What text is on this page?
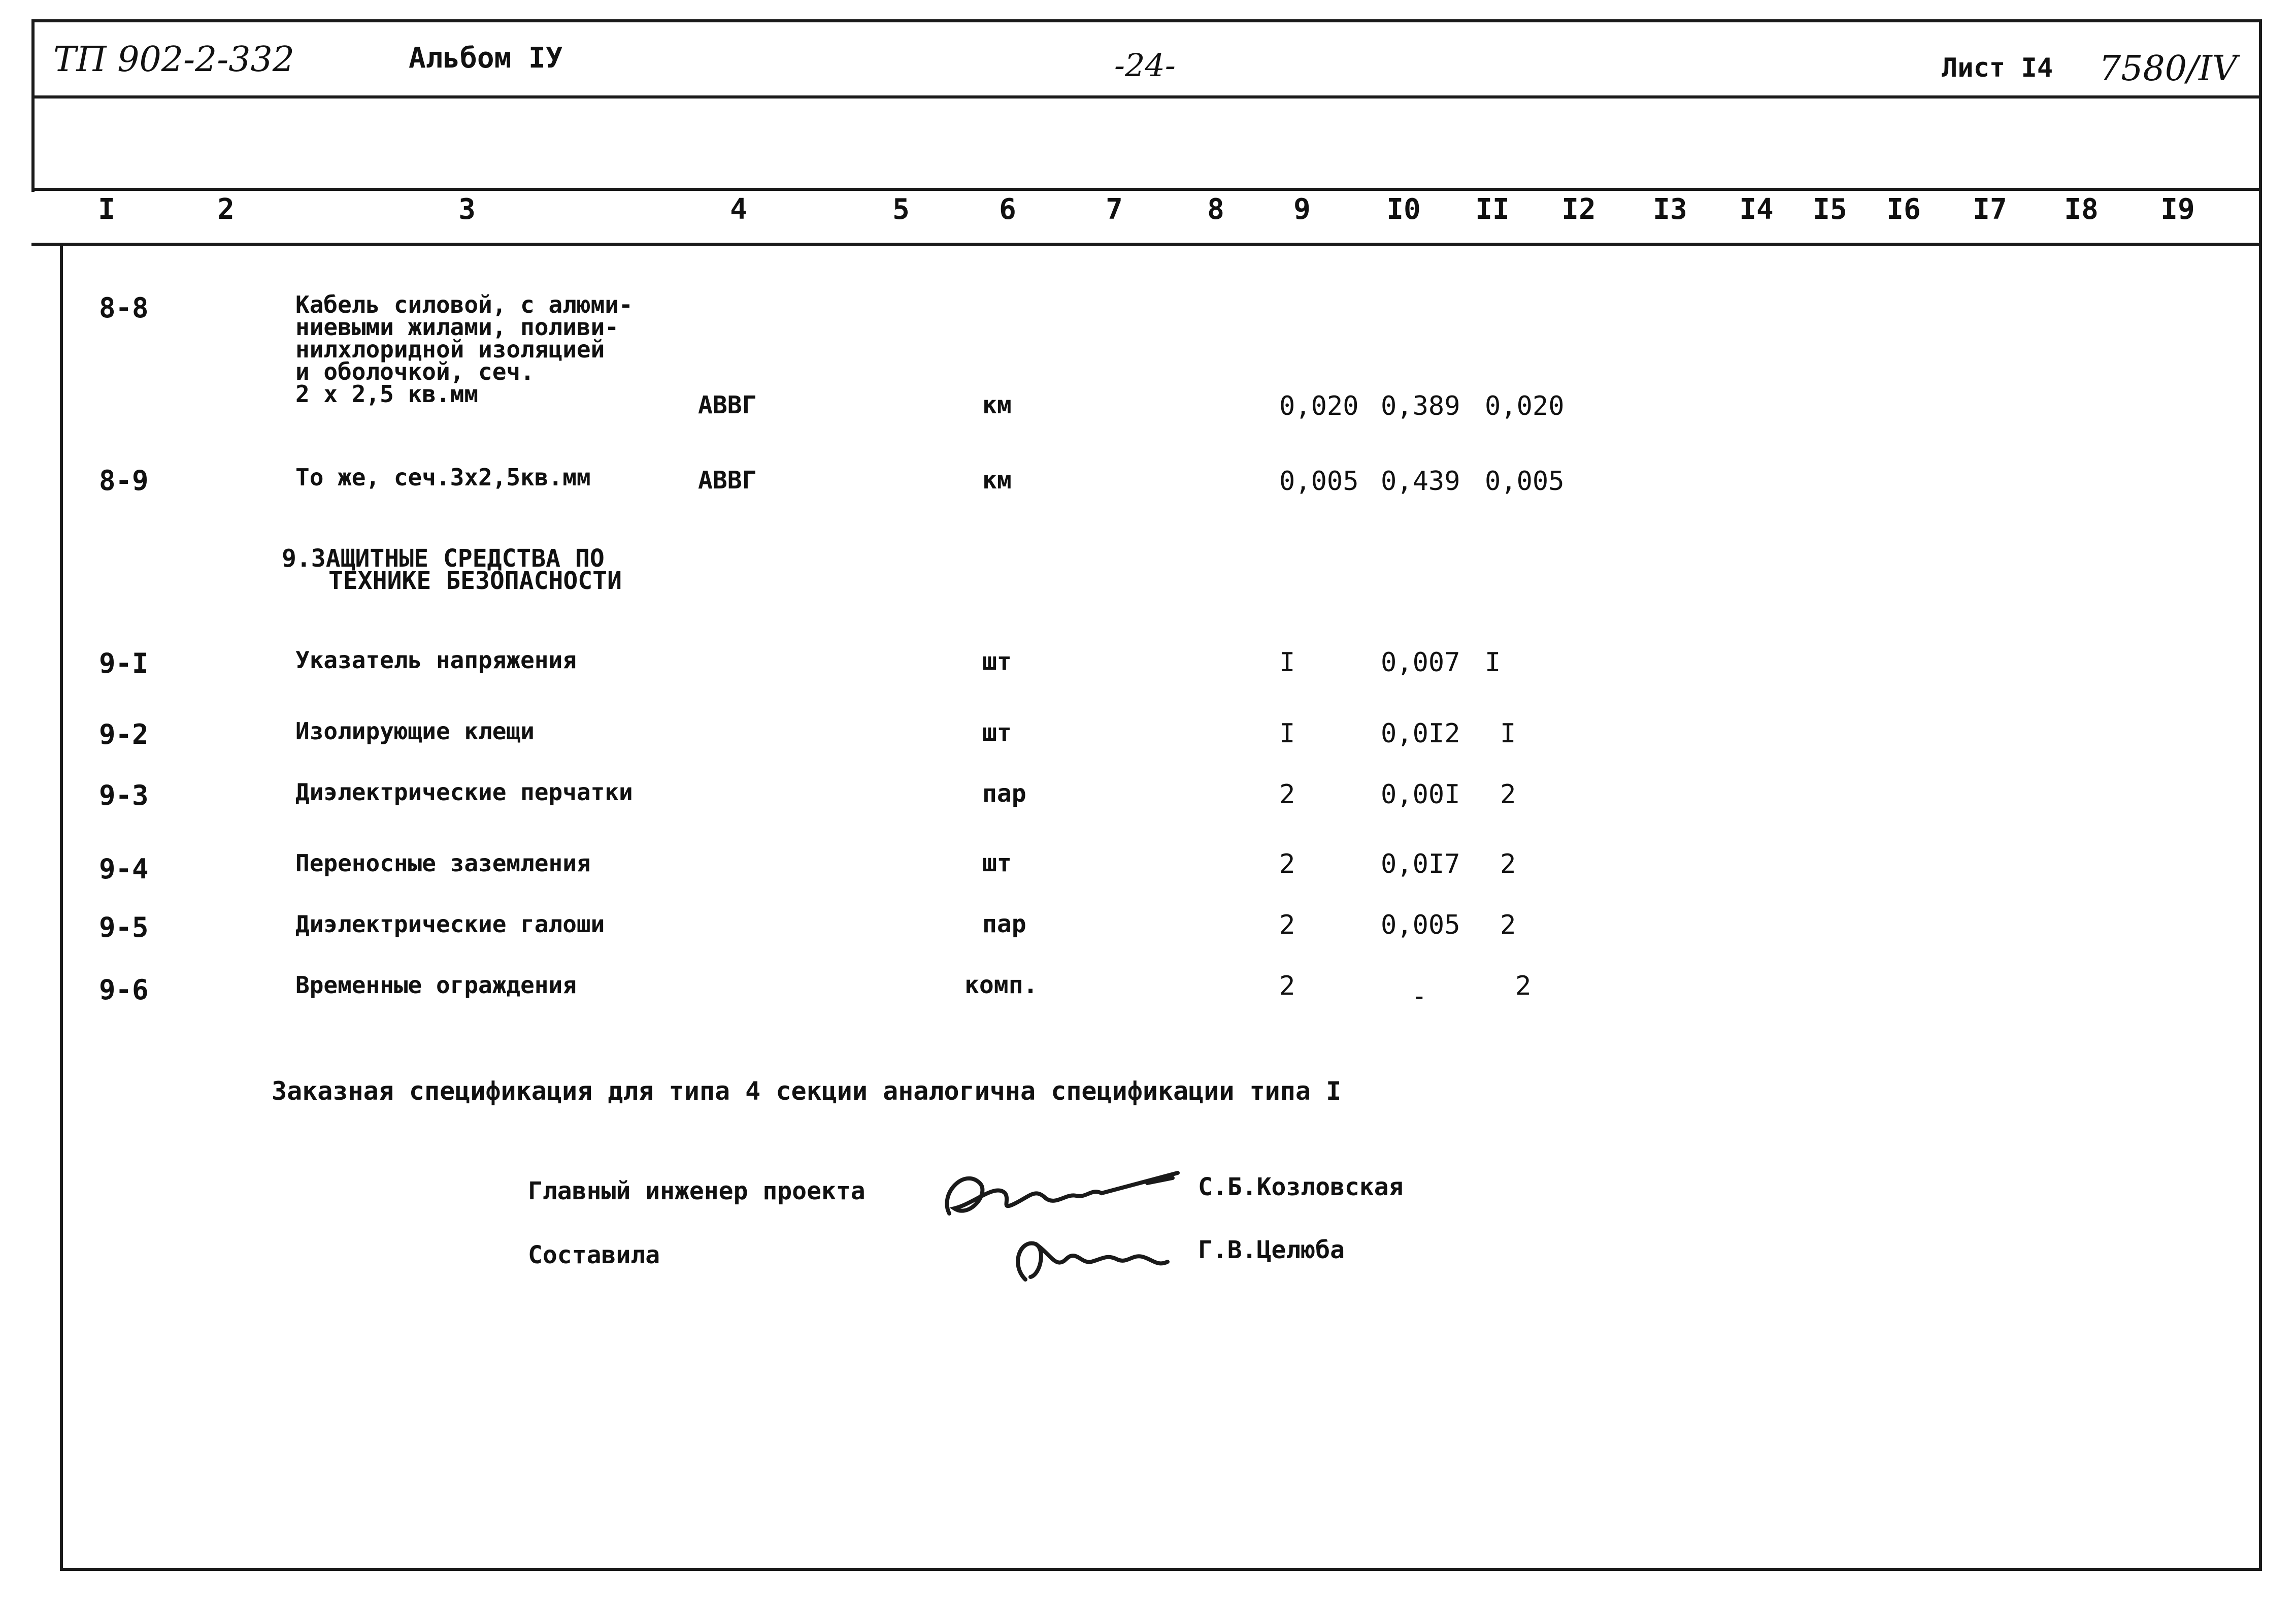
ТП 902-2-332	Альбом IУ	-24-	Лист I4 7580/IV
I	2	3	4	5	6	7	8 9	I0 II I2 I3 I4 I5 I6 I7 I8 I9
8-8	Кабель силовой, с алюми-
ниевыми жилами, поливи-
нилхлоридной изоляцией
и оболочкой, сеч.
2 х 2,5 кв.мм	АВВГ	км	0,020 0,389 0,020
8-9	То же, сеч.3х2,5кв.мм	АВВГ	км	0,005 0,439 0,005
9-I	Указатель напряжения	шт	I	0,007 I
9-2	Изолирующие клещи	шт	I	0,0I2 I
9-3	Диэлектрические перчатки	пар	2	0,00I 2
9-4	Переносные заземления	шт	2	0,0I7 2
9-5	Диэлектрические галоши	пар	2	0,005 2
9-6	Временные ограждения	комп.	2	-	2
9.ЗАЩИТНЫЕ СРЕДСТВА ПО
ТЕХНИКЕ БЕЗОПАСНОСТИ
Заказная спецификация для типа 4 секции аналогична спецификации типа I
Главный инженер проекта	С.Б.Козловская
Составила	Г.В.Целюба
